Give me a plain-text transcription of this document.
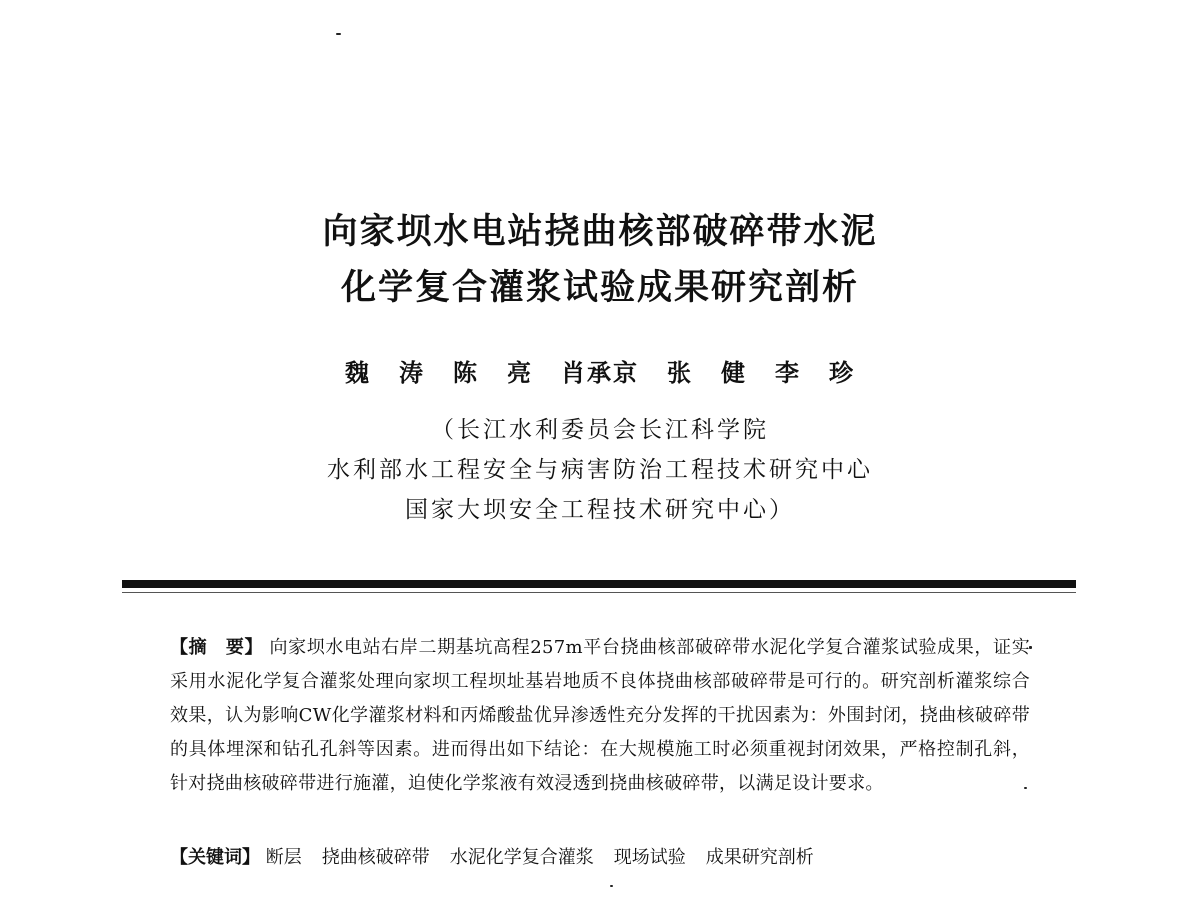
向家坝水电站挠曲核部破碎带水泥
化学复合灌浆试验成果研究剖析
魏 涛 陈 亮 肖承京 张 健 李 珍
（长江水利委员会长江科学院
水利部水工程安全与病害防治工程技术研究中心
国家大坝安全工程技术研究中心）
【摘　要】 向家坝水电站右岸二期基坑高程257m平台挠曲核部破碎带水泥化学复合灌浆试验成果，证实采用水泥化学复合灌浆处理向家坝工程坝址基岩地质不良体挠曲核部破碎带是可行的。研究剖析灌浆综合效果，认为影响CW化学灌浆材料和丙烯酸盐优异渗透性充分发挥的干扰因素为：外围封闭，挠曲核破碎带的具体埋深和钻孔孔斜等因素。进而得出如下结论：在大规模施工时必须重视封闭效果，严格控制孔斜，针对挠曲核破碎带进行施灌，迫使化学浆液有效浸透到挠曲核破碎带，以满足设计要求。
【关键词】 断层 挠曲核破碎带 水泥化学复合灌浆 现场试验 成果研究剖析
